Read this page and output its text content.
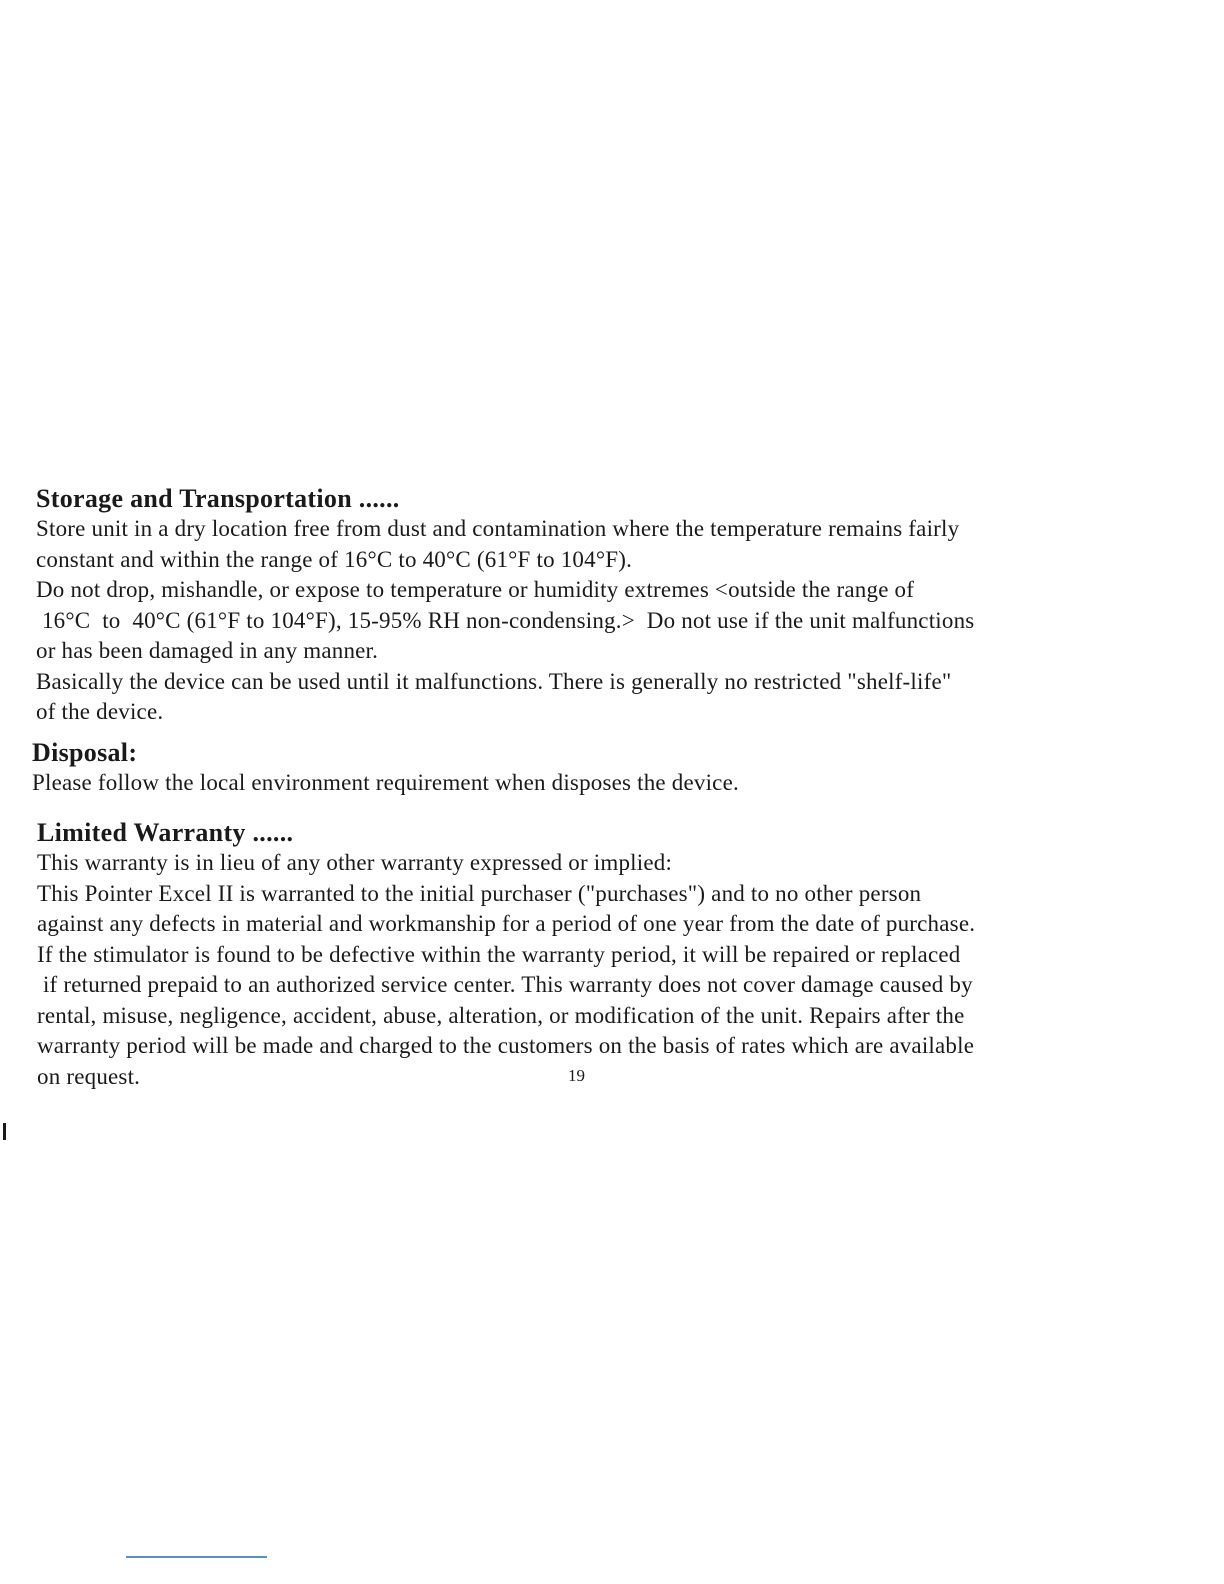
Storage and Transportation ......

Store unit in a dry location free from dust and contamination where the temperature remains fairly

constant and within the range of 16°C to 40°C (61°F to 104°F).

Do not drop, mishandle, or expose to temperature or humidity extremes <outside the range of

16°C  to  40°C (61°F to 104°F), 15-95% RH non-condensing.>  Do not use if the unit malfunctions

or has been damaged in any manner.

Basically the device can be used until it malfunctions. There is generally no restricted "shelf-life"

of the device.

Disposal:

Please follow the local environment requirement when disposes the device.

Limited Warranty ......

This warranty is in lieu of any other warranty expressed or implied:

This Pointer Excel II is warranted to the initial purchaser ("purchases") and to no other person

against any defects in material and workmanship for a period of one year from the date of purchase.

If the stimulator is found to be defective within the warranty period, it will be repaired or replaced

if returned prepaid to an authorized service center. This warranty does not cover damage caused by

rental, misuse, negligence, accident, abuse, alteration, or modification of the unit. Repairs after the

warranty period will be made and charged to the customers on the basis of rates which are available

on request.	19
